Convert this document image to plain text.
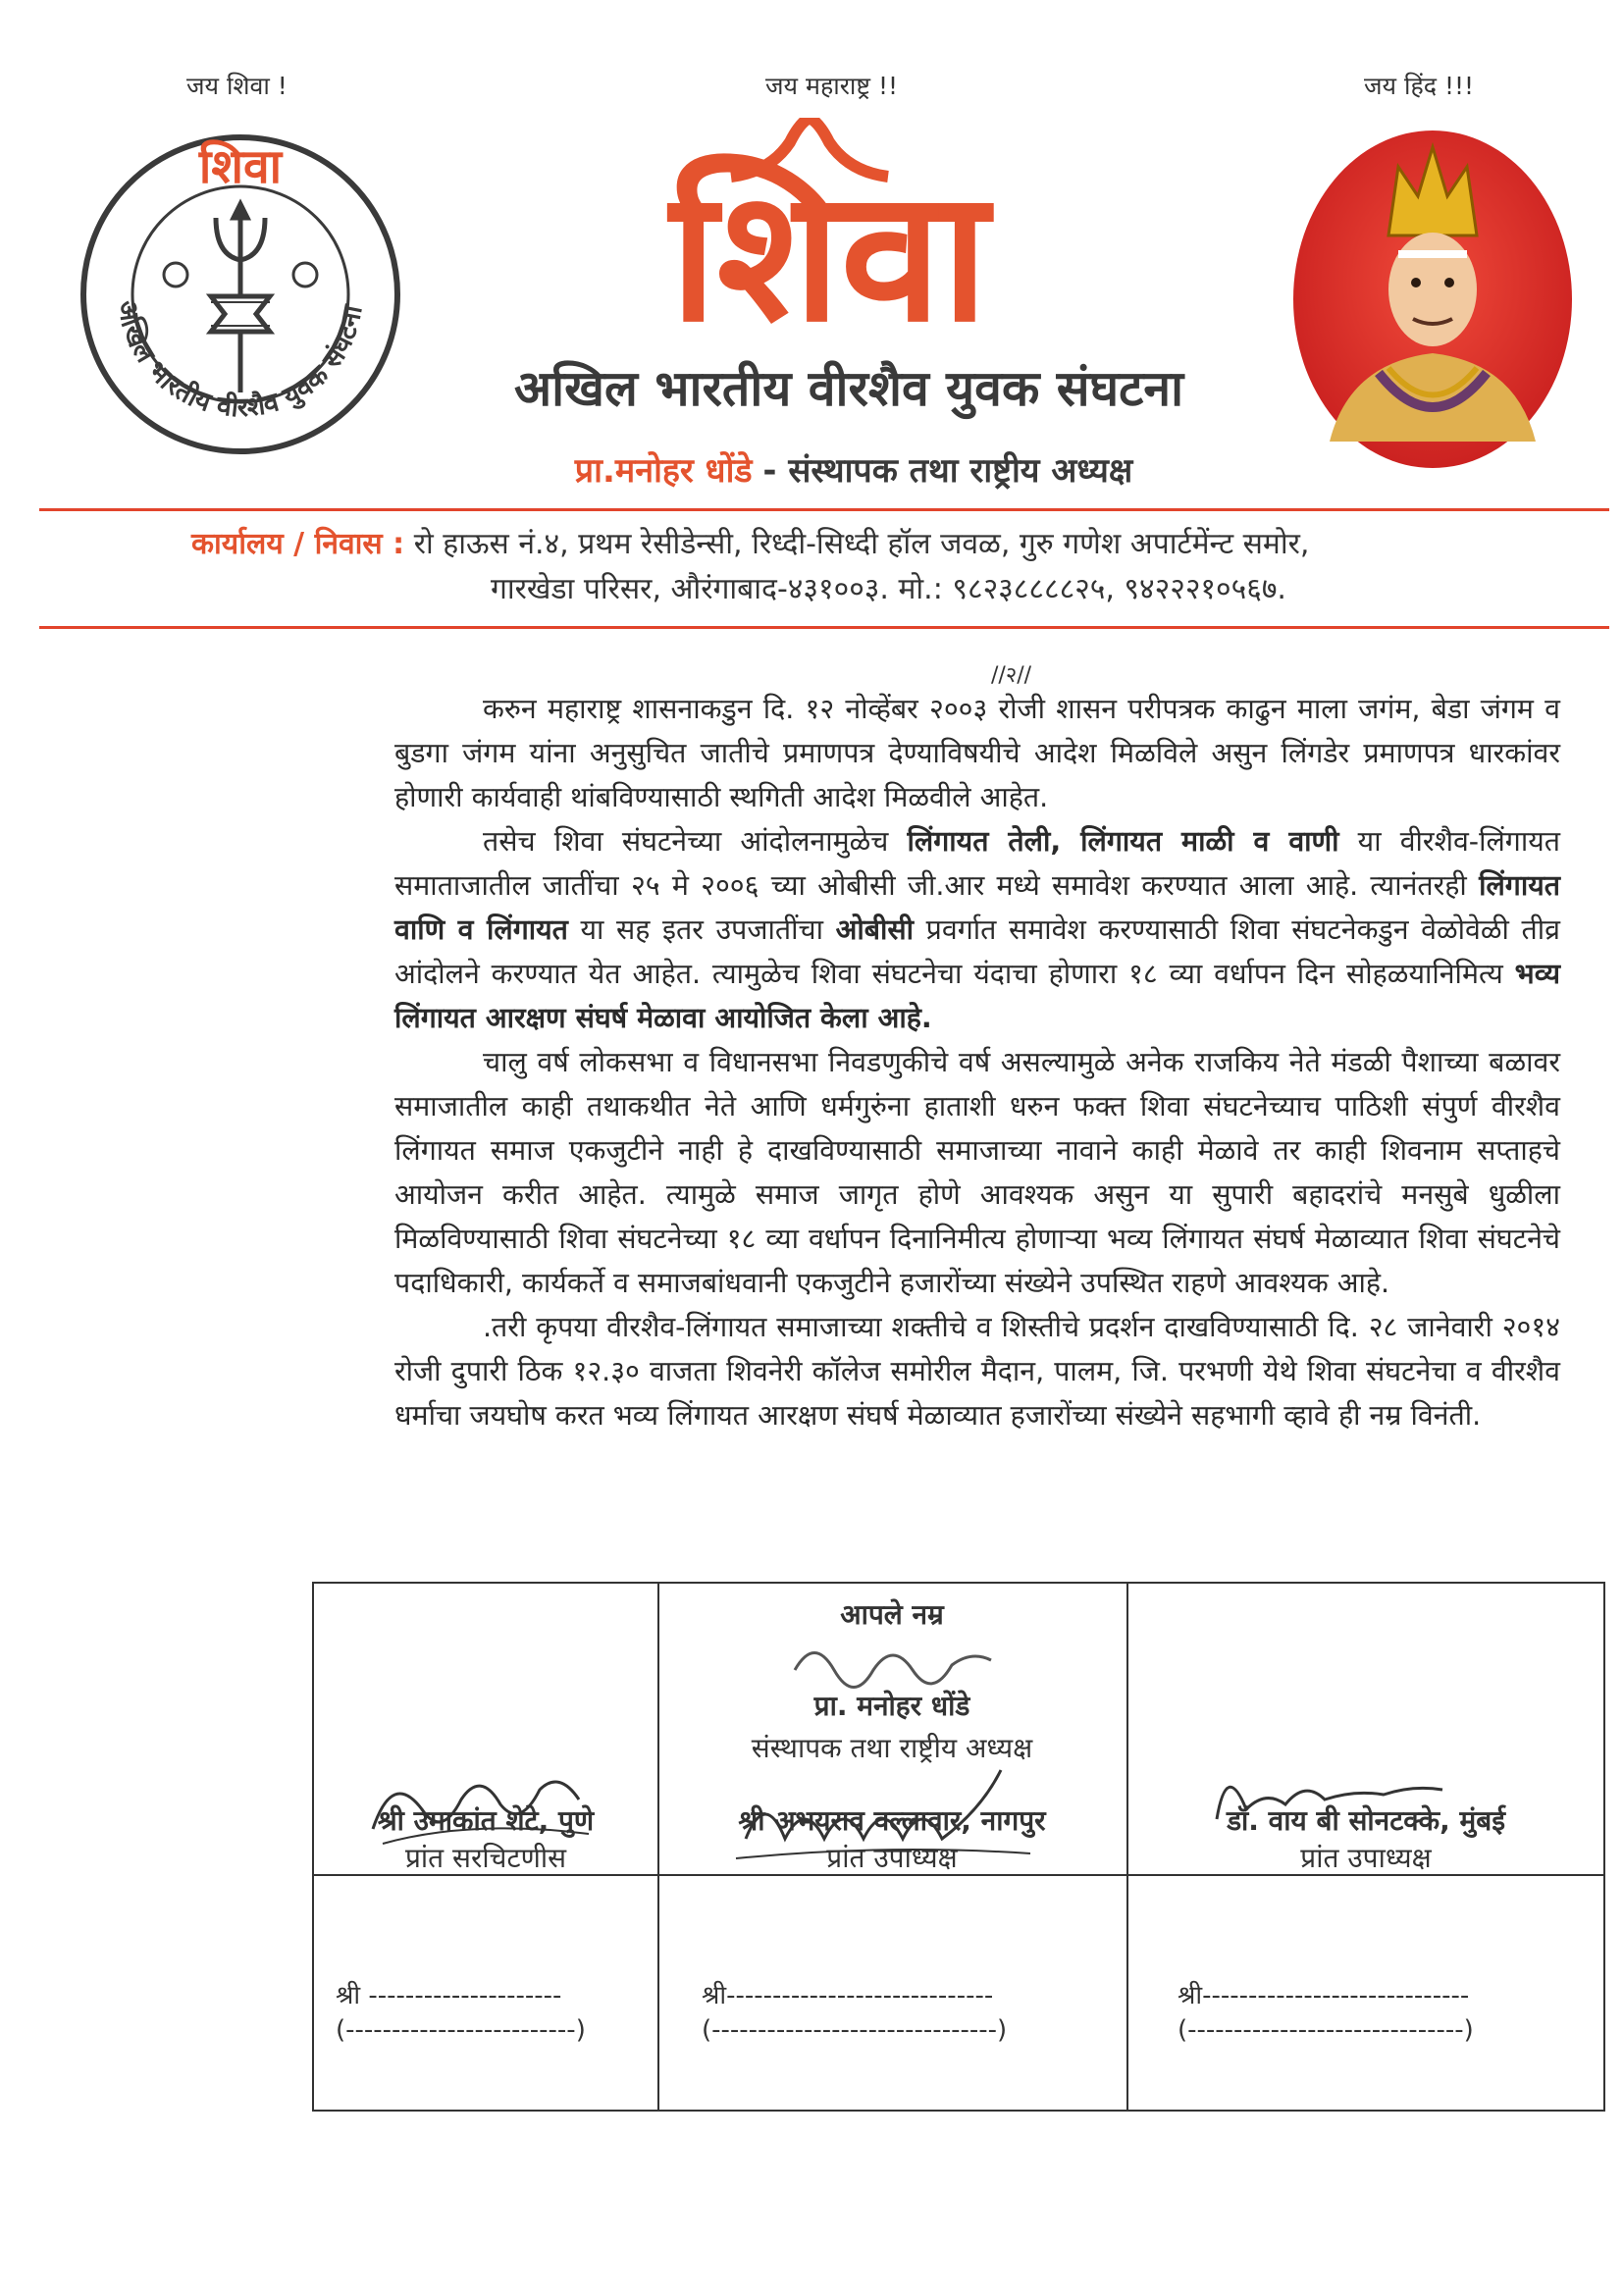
जय शिवा !	जय महाराष्ट्र !!	जय हिंद !!!
अखिल भारतीय वीरशैव युवक संघटना
शिवा शिवा
अखिल भारतीय वीरशैव युवक संघटना
प्रा.मनोहर धोंडे - संस्थापक तथा राष्ट्रीय अध्यक्ष
कार्यालय / निवास : रो हाऊस नं.४, प्रथम रेसीडेन्सी, रिध्दी-सिध्दी हॉल जवळ, गुरु गणेश अपार्टमेंन्ट समोर,
गारखेडा परिसर, औरंगाबाद-४३१००३. मो.: ९८२३८८८८२५, ९४२२२१०५६७.
//२//

करुन महाराष्ट्र शासनाकडुन दि. १२ नोव्हेंबर २००३ रोजी शासन परीपत्रक काढुन माला जगंम, बेडा जंगम व बुडगा जंगम यांना अनुसुचित जातीचे प्रमाणपत्र देण्याविषयीचे आदेश मिळविले असुन लिंगडेर प्रमाणपत्र धारकांवर होणारी कार्यवाही थांबविण्यासाठी स्थगिती आदेश मिळवीले आहेत.

तसेच शिवा संघटनेच्या आंदोलनामुळेच लिंगायत तेली, लिंगायत माळी व वाणी या वीरशैव-लिंगायत समाताजातील जातींचा २५ मे २००६ च्या ओबीसी जी.आर मध्ये समावेश करण्यात आला आहे. त्यानंतरही लिंगायत वाणि व लिंगायत या सह इतर उपजातींचा ओबीसी प्रवर्गात समावेश करण्यासाठी शिवा संघटनेकडुन वेळोवेळी तीव्र आंदोलने करण्यात येत आहेत. त्यामुळेच शिवा संघटनेचा यंदाचा होणारा १८ व्या वर्धापन दिन सोहळयानिमित्य भव्य लिंगायत आरक्षण संघर्ष मेळावा आयोजित केला आहे.

चालु वर्ष लोकसभा व विधानसभा निवडणुकीचे वर्ष असल्यामुळे अनेक राजकिय नेते मंडळी पैशाच्या बळावर समाजातील काही तथाकथीत नेते आणि धर्मगुरुंना हाताशी धरुन फक्त शिवा संघटनेच्याच पाठिशी संपुर्ण वीरशैव लिंगायत समाज एकजुटीने नाही हे दाखविण्यासाठी समाजाच्या नावाने काही मेळावे तर काही शिवनाम सप्ताहचे आयोजन करीत आहेत. त्यामुळे समाज जागृत होणे आवश्यक असुन या सुपारी बहादरांचे मनसुबे धुळीला मिळविण्यासाठी शिवा संघटनेच्या १८ व्या वर्धापन दिनानिमीत्य होणाऱ्या भव्य लिंगायत संघर्ष मेळाव्यात शिवा संघटनेचे पदाधिकारी, कार्यकर्ते व समाजबांधवानी एकजुटीने हजारोंच्या संख्येने उपस्थित राहणे आवश्यक आहे.

.तरी कृपया वीरशैव-लिंगायत समाजाच्या शक्तीचे व शिस्तीचे प्रदर्शन दाखविण्यासाठी दि. २८ जानेवारी २०१४ रोजी दुपारी ठिक १२.३० वाजता शिवनेरी कॉलेज समोरील मैदान, पालम, जि. परभणी येथे शिवा संघटनेचा व वीरशैव धर्माचा जयघोष करत भव्य लिंगायत आरक्षण संघर्ष मेळाव्यात हजारोंच्या संख्येने सहभागी व्हावे ही नम्र विनंती.

आपले नम्र
प्रा. मनोहर धोंडे
संस्थापक तथा राष्ट्रीय अध्यक्ष
श्री उमाकांत शेटे, पुणे
प्रांत सरचिटणीस
श्री अभयराव वल्लावार, नागपुर
प्रांत उपाध्यक्ष
डॉ. वाय बी सोनटक्के, मुंबई
प्रांत उपाध्यक्ष
श्री ---------------------
(-------------------------)
श्री-----------------------------
(-------------------------------)
श्री-----------------------------
(------------------------------)
